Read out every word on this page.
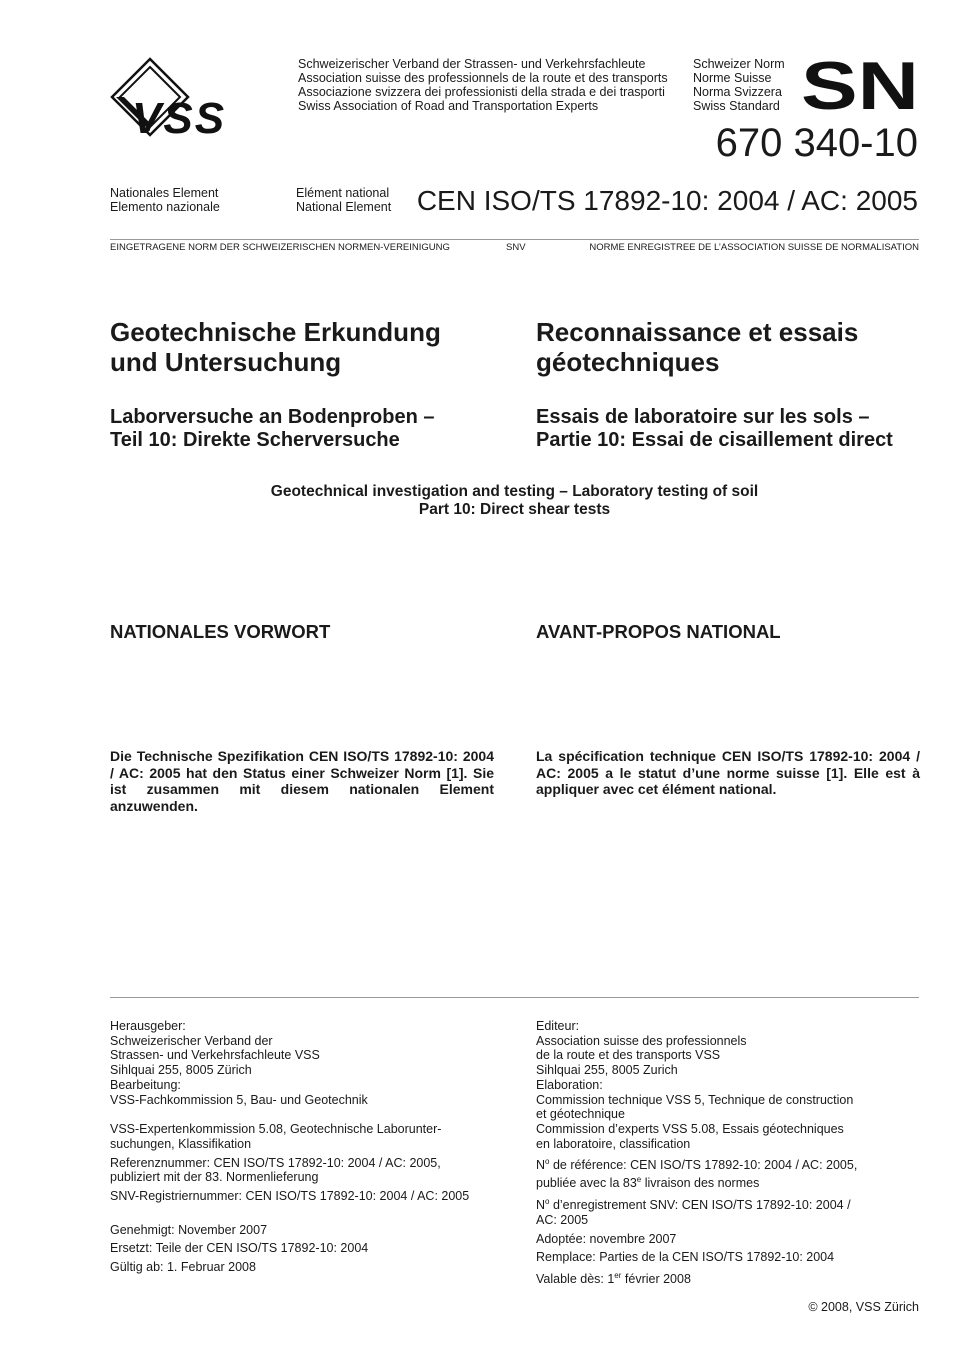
VSS
Schweizerischer Verband der Strassen- und Verkehrsfachleute
Association suisse des professionnels de la route et des transports
Associazione svizzera dei professionisti della strada e dei trasporti
Swiss Association of Road and Transportation Experts
Schweizer Norm
Norme Suisse
Norma Svizzera
Swiss Standard SN
670 340-10
Nationales Element
Elemento nazionale
Elément national
National Element CEN ISO/TS 17892-10: 2004 / AC: 2005
EINGETRAGENE NORM DER SCHWEIZERISCHEN NORMEN-VEREINIGUNG	SNV	NORME ENREGISTREE DE L’ASSOCIATION SUISSE DE NORMALISATION
Geotechnische Erkundung
und Untersuchung
Reconnaissance et essais
géotechniques
Laborversuche an Bodenproben –
Teil 10: Direkte Scherversuche
Essais de laboratoire sur les sols –
Partie 10: Essai de cisaillement direct
Geotechnical investigation and testing – Laboratory testing of soil
Part 10: Direct shear tests
NATIONALES VORWORT	AVANT-PROPOS NATIONAL
Die Technische Spezifikation CEN ISO/TS 17892-10: 2004 / AC: 2005 hat den Status einer Schweizer Norm [1]. Sie ist zusammen mit diesem nationalen Element anzuwenden.
La spécification technique CEN ISO/TS 17892-10: 2004 / AC: 2005 a le statut d’une norme suisse [1]. Elle est à appliquer avec cet élément national.

Herausgeber:

Schweizerischer Verband der

Strassen- und Verkehrsfachleute VSS

Sihlquai 255, 8005 Zürich

Bearbeitung:

VSS-Fachkommission 5, Bau- und Geotechnik

VSS-Expertenkommission 5.08, Geotechnische Laborunter-

suchungen, Klassifikation

Referenznummer: CEN ISO/TS 17892-10: 2004 / AC: 2005,

publiziert mit der 83. Normenlieferung

SNV-Registriernummer: CEN ISO/TS 17892-10: 2004 / AC: 2005

Genehmigt: November 2007

Ersetzt: Teile der CEN ISO/TS 17892-10: 2004

Gültig ab: 1. Februar 2008

Editeur:

Association suisse des professionnels

de la route et des transports VSS

Sihlquai 255, 8005 Zurich

Elaboration:

Commission technique VSS 5, Technique de construction

et géotechnique

Commission d’experts VSS 5.08, Essais géotechniques

en laboratoire, classification

$N^o$ de référence: CEN ISO/TS 17892-10: 2004 / AC: 2005,

publiée avec la 83e livraison des normes

$N^o$ d’enregistrement SNV: CEN ISO/TS 17892-10: 2004 /

AC: 2005

Adoptée: novembre 2007

Remplace: Parties de la CEN ISO/TS 17892-10: 2004

Valable dès: 1er février 2008

© 2008, VSS Zürich
